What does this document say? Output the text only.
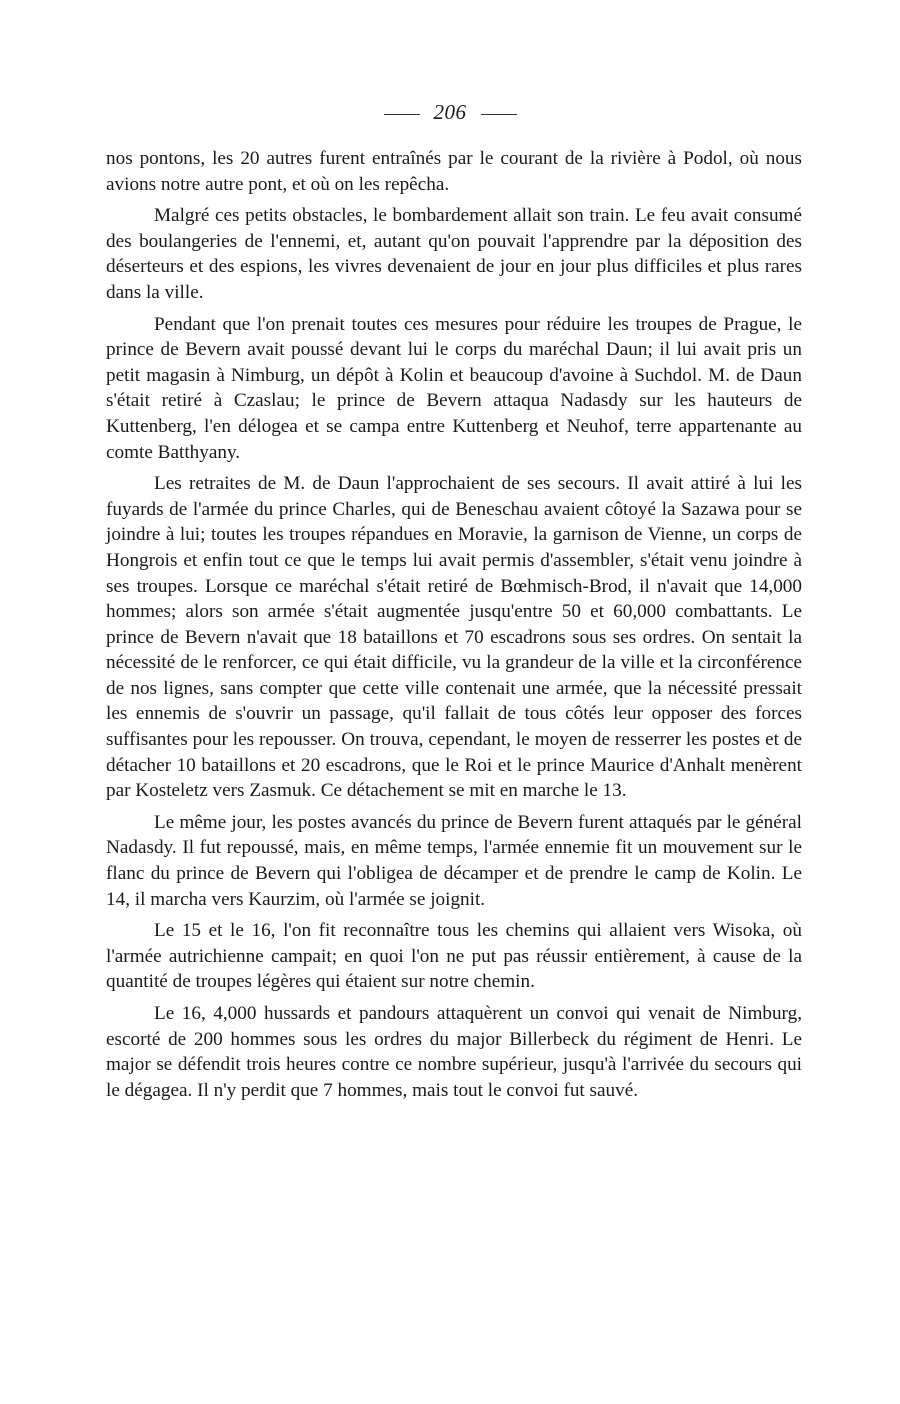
206

nos pontons, les 20 autres furent entraînés par le courant de la rivière à Podol, où nous avions notre autre pont, et où on les repêcha.

Malgré ces petits obstacles, le bombardement allait son train. Le feu avait consumé des boulangeries de l'ennemi, et, autant qu'on pouvait l'apprendre par la déposition des déserteurs et des espions, les vivres devenaient de jour en jour plus difficiles et plus rares dans la ville.

Pendant que l'on prenait toutes ces mesures pour réduire les troupes de Prague, le prince de Bevern avait poussé devant lui le corps du maréchal Daun; il lui avait pris un petit magasin à Nimburg, un dépôt à Kolin et beaucoup d'avoine à Suchdol. M. de Daun s'était retiré à Czaslau; le prince de Bevern attaqua Nadasdy sur les hauteurs de Kuttenberg, l'en délogea et se campa entre Kuttenberg et Neuhof, terre appartenante au comte Batthyany.

Les retraites de M. de Daun l'approchaient de ses secours. Il avait attiré à lui les fuyards de l'armée du prince Charles, qui de Beneschau avaient côtoyé la Sazawa pour se joindre à lui; toutes les troupes répandues en Moravie, la garnison de Vienne, un corps de Hongrois et enfin tout ce que le temps lui avait permis d'assembler, s'était venu joindre à ses troupes. Lorsque ce maréchal s'était retiré de Bœhmisch-Brod, il n'avait que 14,000 hommes; alors son armée s'était augmentée jusqu'entre 50 et 60,000 combattants. Le prince de Bevern n'avait que 18 bataillons et 70 escadrons sous ses ordres. On sentait la nécessité de le renforcer, ce qui était difficile, vu la grandeur de la ville et la circonférence de nos lignes, sans compter que cette ville contenait une armée, que la nécessité pressait les ennemis de s'ouvrir un passage, qu'il fallait de tous côtés leur opposer des forces suffisantes pour les repousser. On trouva, cependant, le moyen de resserrer les postes et de détacher 10 bataillons et 20 escadrons, que le Roi et le prince Maurice d'Anhalt menèrent par Kosteletz vers Zasmuk. Ce détachement se mit en marche le 13.

Le même jour, les postes avancés du prince de Bevern furent attaqués par le général Nadasdy. Il fut repoussé, mais, en même temps, l'armée ennemie fit un mouvement sur le flanc du prince de Bevern qui l'obligea de décamper et de prendre le camp de Kolin. Le 14, il marcha vers Kaurzim, où l'armée se joignit.

Le 15 et le 16, l'on fit reconnaître tous les chemins qui allaient vers Wisoka, où l'armée autrichienne campait; en quoi l'on ne put pas réussir entièrement, à cause de la quantité de troupes légères qui étaient sur notre chemin.

Le 16, 4,000 hussards et pandours attaquèrent un convoi qui venait de Nimburg, escorté de 200 hommes sous les ordres du major Billerbeck du régiment de Henri. Le major se défendit trois heures contre ce nombre supérieur, jusqu'à l'arrivée du secours qui le dégagea. Il n'y perdit que 7 hommes, mais tout le convoi fut sauvé.
